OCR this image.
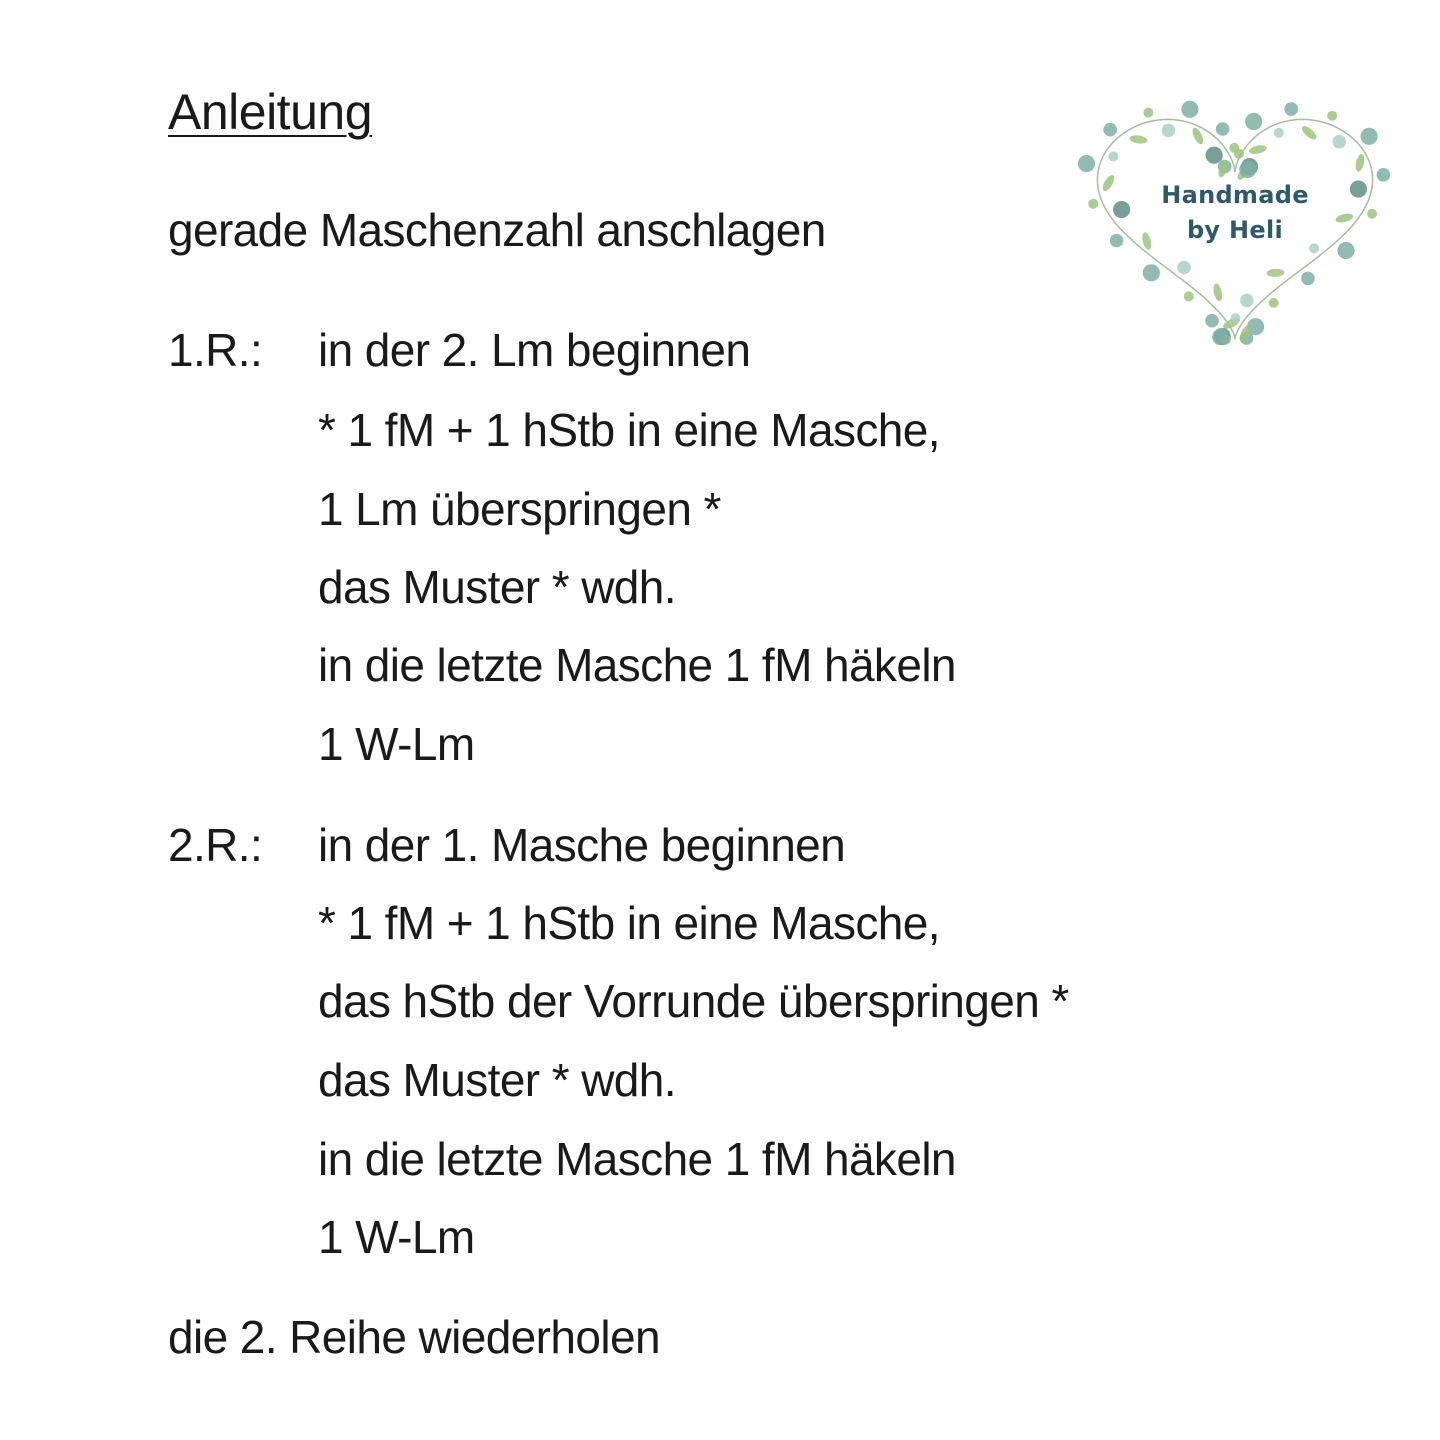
Anleitung

gerade Maschenzahl anschlagen

1.R.: in der 2. Lm beginnen
* 1 fM + 1 hStb in eine Masche,
1 Lm überspringen *
das Muster * wdh.
in die letzte Masche 1 fM häkeln
1 W-Lm
2.R.: in der 1. Masche beginnen
* 1 fM + 1 hStb in eine Masche,
das hStb der Vorrunde überspringen *
das Muster * wdh.
in die letzte Masche 1 fM häkeln
1 W-Lm

die 2. Reihe wiederholen

Handmade
by Heli
